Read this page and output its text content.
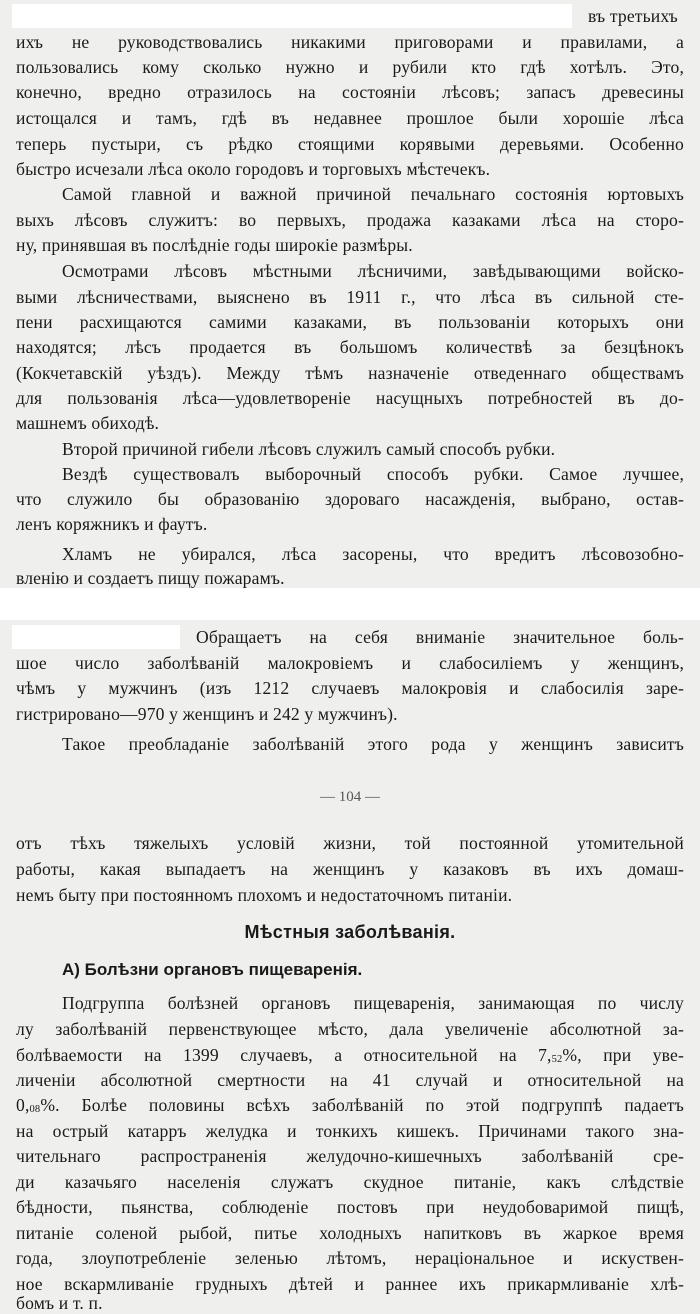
въ третьихъ
ихъ не руководствовались никакими приговорами и правилами, а
пользовались кому сколько нужно и рубили кто гдѣ хотѣлъ. Это,
конечно, вредно отразилось на состояніи лѣсовъ; запасъ древесины
истощался и тамъ, гдѣ въ недавнее прошлое были хорошіе лѣса
теперь пустыри, съ рѣдко стоящими корявыми деревьями. Особенно
быстро исчезали лѣса около городовъ и торговыхъ мѣстечекъ.
Самой главной и важной причиной печальнаго состоянія юртовыхъ
выхъ лѣсовъ служитъ: во первыхъ, продажа казаками лѣса на сторо-
ну, принявшая въ послѣдніе годы широкіе размѣры.
Осмотрами лѣсовъ мѣстными лѣсничими, завѣдывающими войско-
выми лѣсничествами, выяснено въ 1911 г., что лѣса въ сильной сте-
пени расхищаются самими казаками, въ пользованіи которыхъ они
находятся; лѣсъ продается въ большомъ количествѣ за безцѣнокъ
(Кокчетавскій уѣздъ). Между тѣмъ назначеніе отведеннаго обществамъ
для пользованія лѣса—удовлетвореніе насущныхъ потребностей въ до-
машнемъ обиходѣ.
Второй причиной гибели лѣсовъ служилъ самый способъ рубки.
Вездѣ существовалъ выборочный способъ рубки. Самое лучшее,
что служило бы образованію здороваго насажденія, выбрано, остав-
ленъ коряжникъ и фаутъ.
Хламъ не убирался, лѣса засорены, что вредитъ лѣсовозобно-
вленію и создаетъ пищу пожарамъ.
Обращаетъ на себя вниманіе значительное боль-
шое число заболѣваній малокровіемъ и слабосиліемъ у женщинъ,
чѣмъ у мужчинъ (изъ 1212 случаевъ малокровія и слабосилія заре-
гистрировано—970 у женщинъ и 242 у мужчинъ).
Такое преобладаніе заболѣваній этого рода у женщинъ зависитъ
— 104 —
отъ тѣхъ тяжелыхъ условій жизни, той постоянной утомительной
работы, какая выпадаетъ на женщинъ у казаковъ въ ихъ домаш-
немъ быту при постоянномъ плохомъ и недостаточномъ питаніи.
Мѣстныя заболѣванія.
А) Болѣзни органовъ пищеваренія.
Подгруппа болѣзней органовъ пищеваренія, занимающая по числу
лу заболѣваній первенствующее мѣсто, дала увеличеніе абсолютной за-
болѣваемости на 1399 случаевъ, а относительной на 7,52%, при уве-
личеніи абсолютной смертности на 41 случай и относительной на
0,08%. Болѣе половины всѣхъ заболѣваній по этой подгруппѣ падаетъ
на острый катарръ желудка и тонкихъ кишекъ. Причинами такого зна-
чительнаго распространенія желудочно-кишечныхъ заболѣваній сре-
ди казачьяго населенія служатъ скудное питаніе, какъ слѣдствіе
бѣдности, пьянства, соблюденіе постовъ при неудобоваримой пищѣ,
питаніе соленой рыбой, питье холодныхъ напитковъ въ жаркое время
года, злоупотребленіе зеленью лѣтомъ, нераціональное и искуствен-
ное вскармливаніе грудныхъ дѣтей и раннее ихъ прикармливаніе хлѣ-
бомъ и т. п.
